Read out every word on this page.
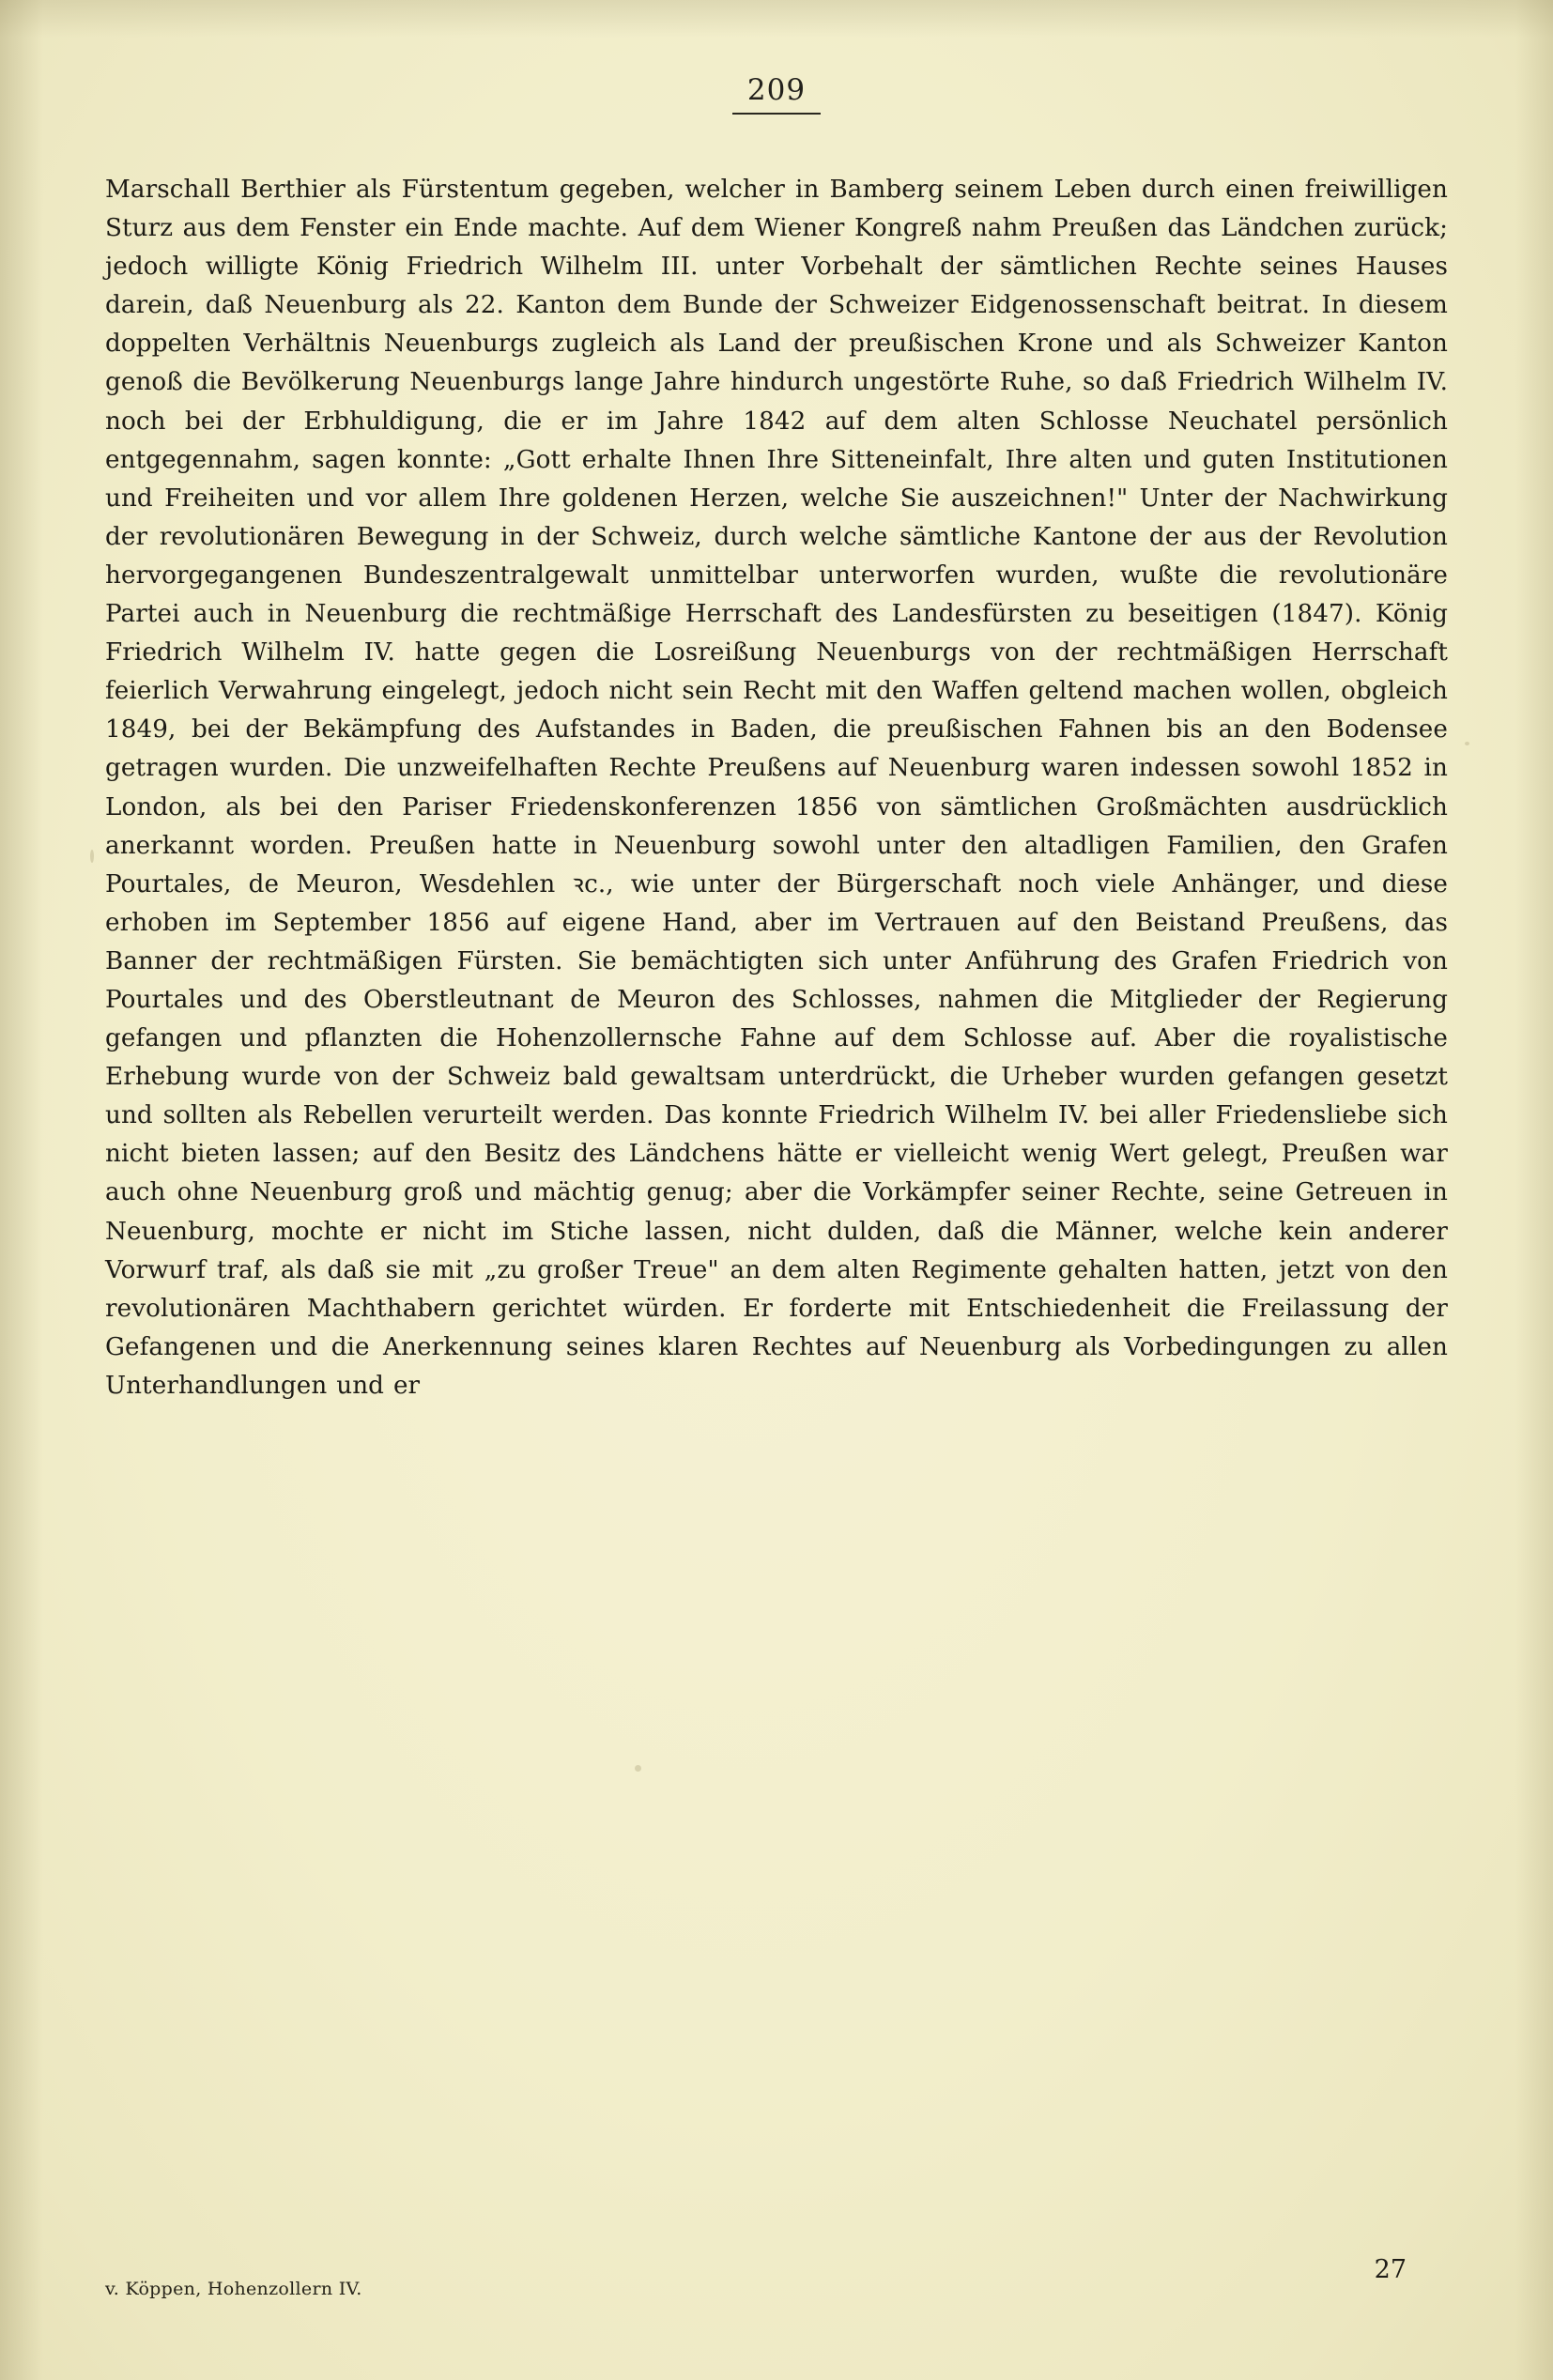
209

Marschall Berthier als Fürstentum gegeben, welcher in Bamberg seinem Leben durch einen freiwilligen Sturz aus dem Fenster ein Ende machte. Auf dem Wiener Kongreß nahm Preußen das Ländchen zurück; jedoch willigte König Friedrich Wilhelm III. unter Vorbehalt der sämtlichen Rechte seines Hauses darein, daß Neuenburg als 22. Kanton dem Bunde der Schweizer Eidgenossenschaft beitrat. In diesem doppelten Verhältnis Neuenburgs zugleich als Land der preußischen Krone und als Schweizer Kanton genoß die Bevölkerung Neuenburgs lange Jahre hindurch ungestörte Ruhe, so daß Friedrich Wilhelm IV. noch bei der Erbhuldigung, die er im Jahre 1842 auf dem alten Schlosse Neuchatel persönlich entgegennahm, sagen konnte: „Gott erhalte Ihnen Ihre Sitteneinfalt, Ihre alten und guten Institutionen und Freiheiten und vor allem Ihre goldenen Herzen, welche Sie auszeichnen!" Unter der Nachwirkung der revolutionären Bewegung in der Schweiz, durch welche sämtliche Kantone der aus der Revolution hervorgegangenen Bundeszentralgewalt unmittelbar unterworfen wurden, wußte die revolutionäre Partei auch in Neuenburg die rechtmäßige Herrschaft des Landesfürsten zu beseitigen (1847). König Friedrich Wilhelm IV. hatte gegen die Losreißung Neuenburgs von der rechtmäßigen Herrschaft feierlich Verwahrung eingelegt, jedoch nicht sein Recht mit den Waffen geltend machen wollen, obgleich 1849, bei der Bekämpfung des Aufstandes in Baden, die preußischen Fahnen bis an den Bodensee getragen wurden. Die unzweifelhaften Rechte Preußens auf Neuenburg waren indessen sowohl 1852 in London, als bei den Pariser Friedenskonferenzen 1856 von sämtlichen Großmächten ausdrücklich anerkannt worden. Preußen hatte in Neuenburg sowohl unter den altadligen Familien, den Grafen Pourtales, de Meuron, Wesdehlen ꝛc., wie unter der Bürgerschaft noch viele Anhänger, und diese erhoben im September 1856 auf eigene Hand, aber im Vertrauen auf den Beistand Preußens, das Banner der rechtmäßigen Fürsten. Sie bemächtigten sich unter Anführung des Grafen Friedrich von Pourtales und des Oberstleutnant de Meuron des Schlosses, nahmen die Mitglieder der Regierung gefangen und pflanzten die Hohenzollernsche Fahne auf dem Schlosse auf. Aber die royalistische Erhebung wurde von der Schweiz bald gewaltsam unterdrückt, die Urheber wurden gefangen gesetzt und sollten als Rebellen verurteilt werden. Das konnte Friedrich Wilhelm IV. bei aller Friedensliebe sich nicht bieten lassen; auf den Besitz des Ländchens hätte er vielleicht wenig Wert gelegt, Preußen war auch ohne Neuenburg groß und mächtig genug; aber die Vorkämpfer seiner Rechte, seine Getreuen in Neuenburg, mochte er nicht im Stiche lassen, nicht dulden, daß die Männer, welche kein anderer Vorwurf traf, als daß sie mit „zu großer Treue" an dem alten Regimente gehalten hatten, jetzt von den revolutionären Machthabern gerichtet würden. Er forderte mit Entschiedenheit die Freilassung der Gefangenen und die Anerkennung seines klaren Rechtes auf Neuenburg als Vorbedingungen zu allen Unterhandlungen und er

v. Köppen, Hohenzollern IV.
27
